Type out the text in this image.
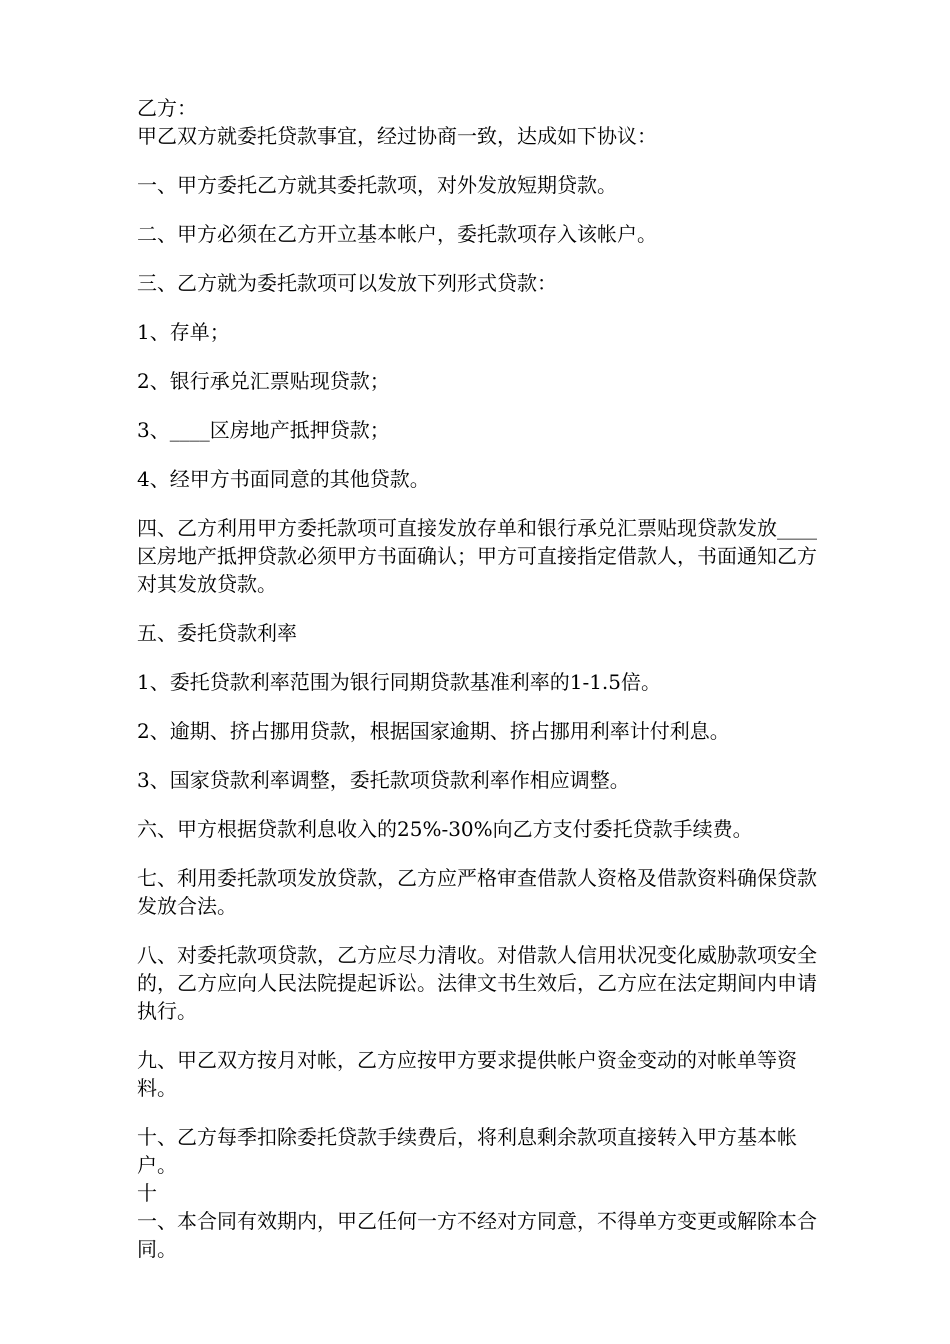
乙方：

甲乙双方就委托贷款事宜，经过协商一致，达成如下协议：

一、甲方委托乙方就其委托款项，对外发放短期贷款。

二、甲方必须在乙方开立基本帐户，委托款项存入该帐户。

三、乙方就为委托款项可以发放下列形式贷款：

1、存单；

2、银行承兑汇票贴现贷款；

3、____区房地产抵押贷款；

4、经甲方书面同意的其他贷款。

四、乙方利用甲方委托款项可直接发放存单和银行承兑汇票贴现贷款发放____区房地产抵押贷款必须甲方书面确认；甲方可直接指定借款人，书面通知乙方对其发放贷款。

五、委托贷款利率

1、委托贷款利率范围为银行同期贷款基准利率的1-1.5倍。

2、逾期、挤占挪用贷款，根据国家逾期、挤占挪用利率计付利息。

3、国家贷款利率调整，委托款项贷款利率作相应调整。

六、甲方根据贷款利息收入的25%-30%向乙方支付委托贷款手续费。

七、利用委托款项发放贷款，乙方应严格审查借款人资格及借款资料确保贷款发放合法。

八、对委托款项贷款，乙方应尽力清收。对借款人信用状况变化威胁款项安全的，乙方应向人民法院提起诉讼。法律文书生效后，乙方应在法定期间内申请执行。

九、甲乙双方按月对帐，乙方应按甲方要求提供帐户资金变动的对帐单等资料。

十、乙方每季扣除委托贷款手续费后，将利息剩余款项直接转入甲方基本帐户。

十

一、本合同有效期内，甲乙任何一方不经对方同意，不得单方变更或解除本合同。
